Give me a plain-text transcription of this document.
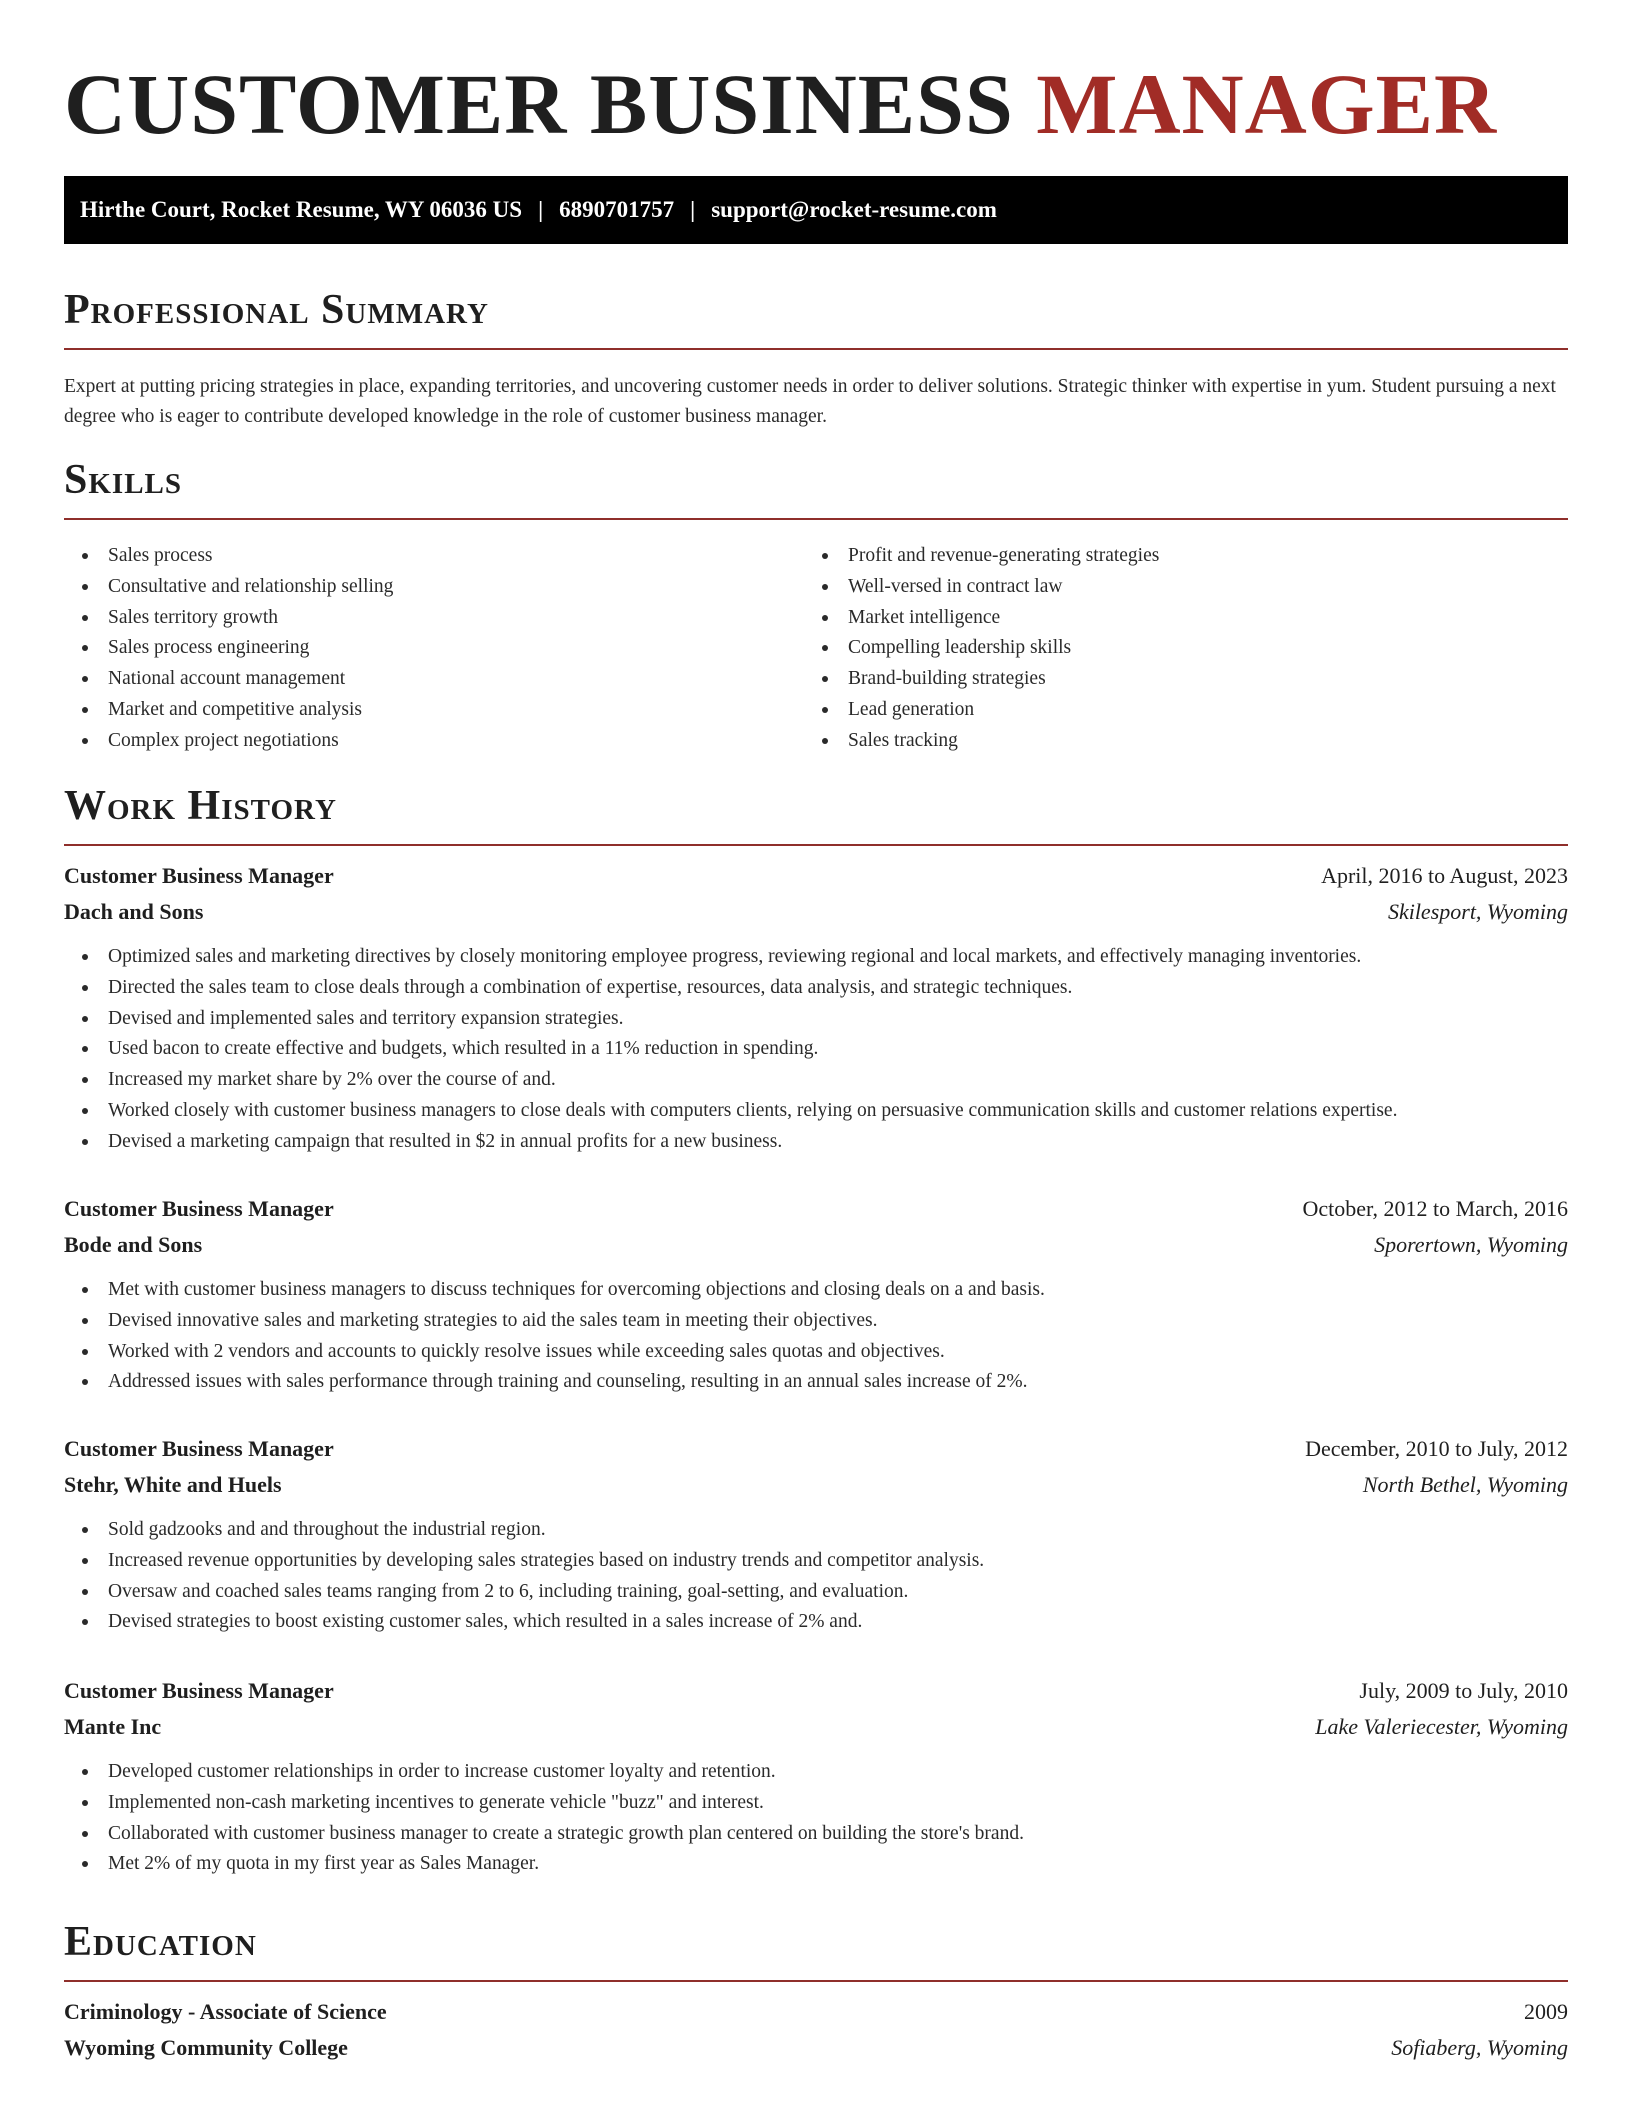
CUSTOMER BUSINESS MANAGER
Hirthe Court, Rocket Resume, WY 06036 US | 6890701757 | support@rocket-resume.com
Professional Summary

Expert at putting pricing strategies in place, expanding territories, and uncovering customer needs in order to deliver solutions. Strategic thinker with expertise in yum. Student pursuing a next degree who is eager to contribute developed knowledge in the role of customer business manager.

Skills
Sales process
Consultative and relationship selling
Sales territory growth
Sales process engineering
National account management
Market and competitive analysis
Complex project negotiations
Profit and revenue-generating strategies
Well-versed in contract law
Market intelligence
Compelling leadership skills
Brand-building strategies
Lead generation
Sales tracking
Work History
Customer Business Manager	April, 2016 to August, 2023
Dach and Sons	Skilesport, Wyoming
Optimized sales and marketing directives by closely monitoring employee progress, reviewing regional and local markets, and effectively managing inventories.
Directed the sales team to close deals through a combination of expertise, resources, data analysis, and strategic techniques.
Devised and implemented sales and territory expansion strategies.
Used bacon to create effective and budgets, which resulted in a 11% reduction in spending.
Increased my market share by 2% over the course of and.
Worked closely with customer business managers to close deals with computers clients, relying on persuasive communication skills and customer relations expertise.
Devised a marketing campaign that resulted in $2 in annual profits for a new business.
Customer Business Manager	October, 2012 to March, 2016
Bode and Sons	Sporertown, Wyoming
Met with customer business managers to discuss techniques for overcoming objections and closing deals on a and basis.
Devised innovative sales and marketing strategies to aid the sales team in meeting their objectives.
Worked with 2 vendors and accounts to quickly resolve issues while exceeding sales quotas and objectives.
Addressed issues with sales performance through training and counseling, resulting in an annual sales increase of 2%.
Customer Business Manager	December, 2010 to July, 2012
Stehr, White and Huels	North Bethel, Wyoming
Sold gadzooks and and throughout the industrial region.
Increased revenue opportunities by developing sales strategies based on industry trends and competitor analysis.
Oversaw and coached sales teams ranging from 2 to 6, including training, goal-setting, and evaluation.
Devised strategies to boost existing customer sales, which resulted in a sales increase of 2% and.
Customer Business Manager	July, 2009 to July, 2010
Mante Inc	Lake Valeriecester, Wyoming
Developed customer relationships in order to increase customer loyalty and retention.
Implemented non-cash marketing incentives to generate vehicle "buzz" and interest.
Collaborated with customer business manager to create a strategic growth plan centered on building the store's brand.
Met 2% of my quota in my first year as Sales Manager.
Education
Criminology - Associate of Science	2009
Wyoming Community College	Sofiaberg, Wyoming
